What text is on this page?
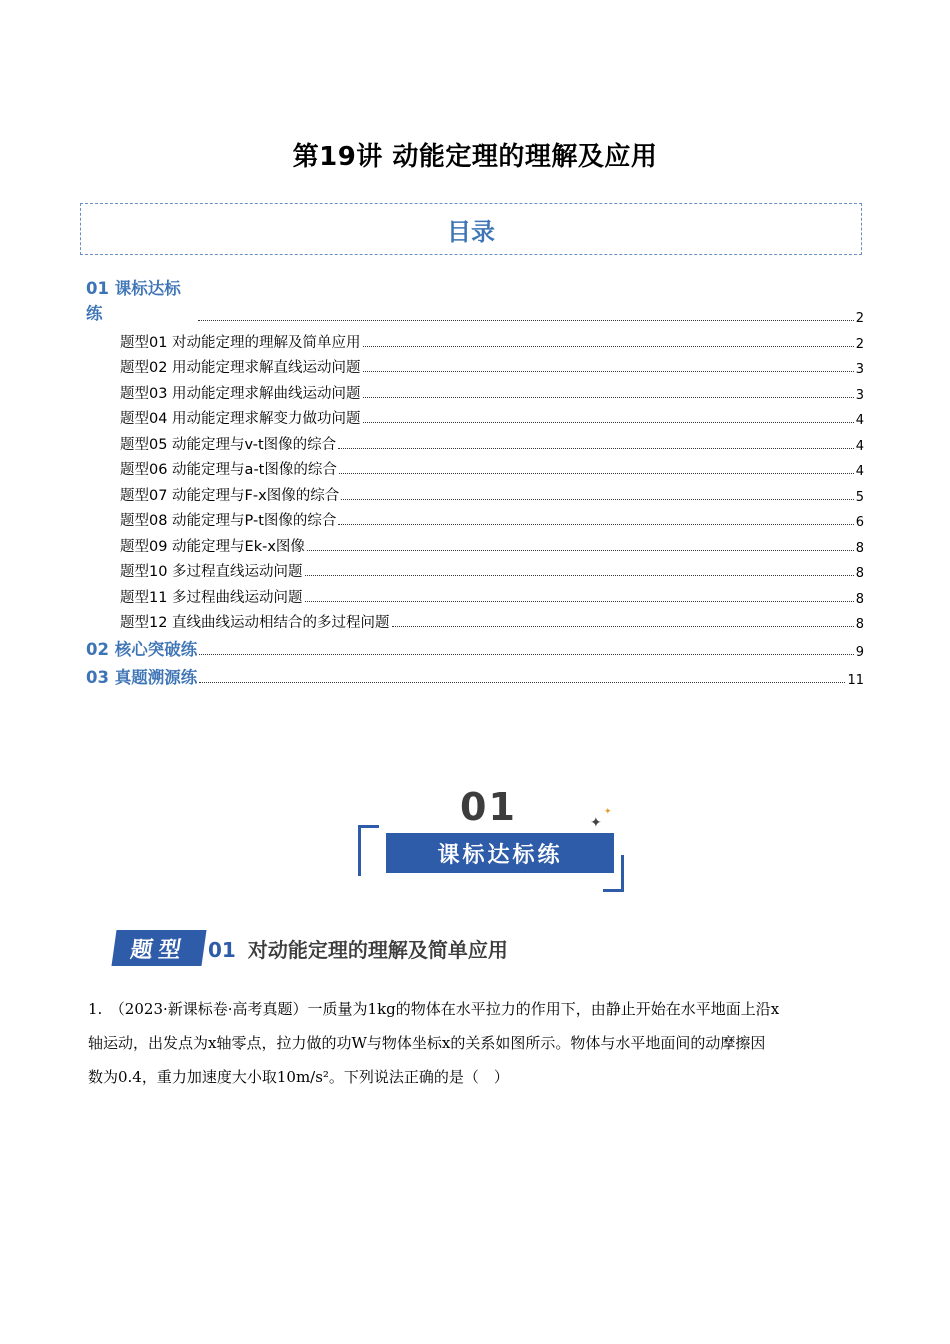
第19讲 动能定理的理解及应用
目录
01 课标达标练	2
题型01 对动能定理的理解及简单应用	2
题型02 用动能定理求解直线运动问题	3
题型03 用动能定理求解曲线运动问题	3
题型04 用动能定理求解变力做功问题	4
题型05 动能定理与v-t图像的综合	4
题型06 动能定理与a-t图像的综合	4
题型07 动能定理与F-x图像的综合	5
题型08 动能定理与P-t图像的综合	6
题型09 动能定理与Ek-x图像	8
题型10 多过程直线运动问题	8
题型11 多过程曲线运动问题	8
题型12 直线曲线运动相结合的多过程问题	8
02 核心突破练	9
03 真题溯源练	11
01	✦
✦
课标达标练
题型 01 对动能定理的理解及简单应用
1.　（2023·新课标卷·高考真题）一质量为1kg的物体在水平拉力的作用下，由静止开始在水平地面上沿x
轴运动，出发点为x轴零点，拉力做的功W与物体坐标x的关系如图所示。物体与水平地面间的动摩擦因
数为0.4，重力加速度大小取10m/s²。下列说法正确的是（　）
